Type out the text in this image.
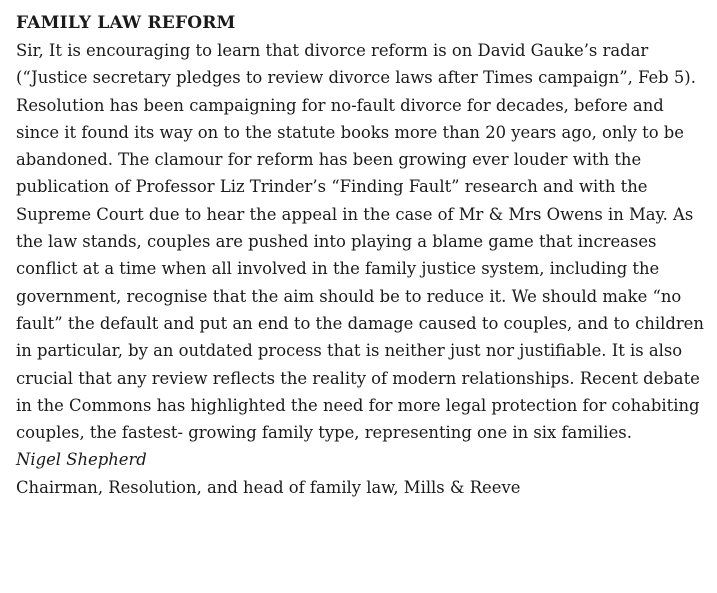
FAMILY LAW REFORM

Sir, It is encouraging to learn that divorce reform is on David Gauke’s radar (“Justice secretary pledges to review divorce laws after Times campaign”, Feb 5). Resolution has been campaigning for no-fault divorce for decades, before and since it found its way on to the statute books more than 20 years ago, only to be abandoned. The clamour for reform has been growing ever louder with the publication of Professor Liz Trinder’s “Finding Fault” research and with the Supreme Court due to hear the appeal in the case of Mr & Mrs Owens in May. As the law stands, couples are pushed into playing a blame game that increases conflict at a time when all involved in the family justice system, including the government, recognise that the aim should be to reduce it. We should make “no fault” the default and put an end to the damage caused to couples, and to children in particular, by an outdated process that is neither just nor justifiable. It is also crucial that any review reflects the reality of modern relationships. Recent debate in the Commons has highlighted the need for more legal protection for cohabiting couples, the fastest- growing family type, representing one in six families.

Nigel Shepherd

Chairman, Resolution, and head of family law, Mills & Reeve
